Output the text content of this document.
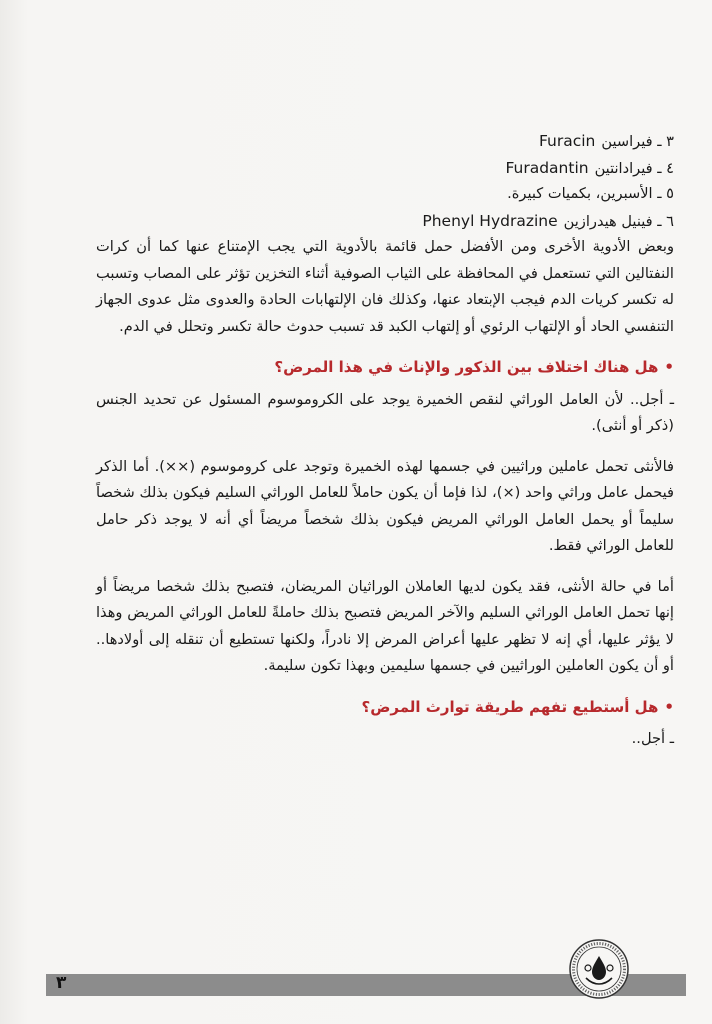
٣ ـ فيراسينFuracin
٤ ـ فيرادانتينFuradantin
٥ ـ الأسبرين، بكميات كبيرة.
٦ ـ فينيل هيدرازينPhenyl Hydrazine

وبعض الأدوية الأخرى ومن الأفضل حمل قائمة بالأدوية التي يجب الإمتناع عنها كما أن كرات النفتالين التي تستعمل في المحافظة على الثياب الصوفية أثناء التخزين تؤثر على المصاب وتسبب له تكسر كريات الدم فيجب الإبتعاد عنها، وكذلك فان الإلتهابات الحادة والعدوى مثل عدوى الجهاز التنفسي الحاد أو الإلتهاب الرئوي أو إلتهاب الكبد قد تسبب حدوث حالة تكسر وتحلل في الدم.

•هل هناك اختلاف بين الذكور والإناث في هذا المرض؟

ـ أجل.. لأن العامل الوراثي لنقص الخميرة يوجد على الكروموسوم المسئول عن تحديد الجنس (ذكر أو أنثى).

فالأنثى تحمل عاملين وراثيين في جسمها لهذه الخميرة وتوجد على كروموسوم (××). أما الذكر فيحمل عامل وراثي واحد (×)، لذا فإما أن يكون حاملاً للعامل الوراثي السليم فيكون بذلك شخصاً سليماً أو يحمل العامل الوراثي المريض فيكون بذلك شخصاً مريضاً أي أنه لا يوجد ذكر حامل للعامل الوراثي فقط.

أما في حالة الأنثى، فقد يكون لديها العاملان الوراثيان المريضان، فتصبح بذلك شخصا مريضاً أو إنها تحمل العامل الوراثي السليم والآخر المريض فتصبح بذلك حاملةً للعامل الوراثي المريض وهذا لا يؤثر عليها، أي إنه لا تظهر عليها أعراض المرض إلا نادراً، ولكنها تستطيع أن تنقله إلى أولادها.. أو أن يكون العاملين الوراثيين في جسمها سليمين وبهذا تكون سليمة.

•هل أستطيع تفهم طريقة توارث المرض؟

ـ أجل..

٣
